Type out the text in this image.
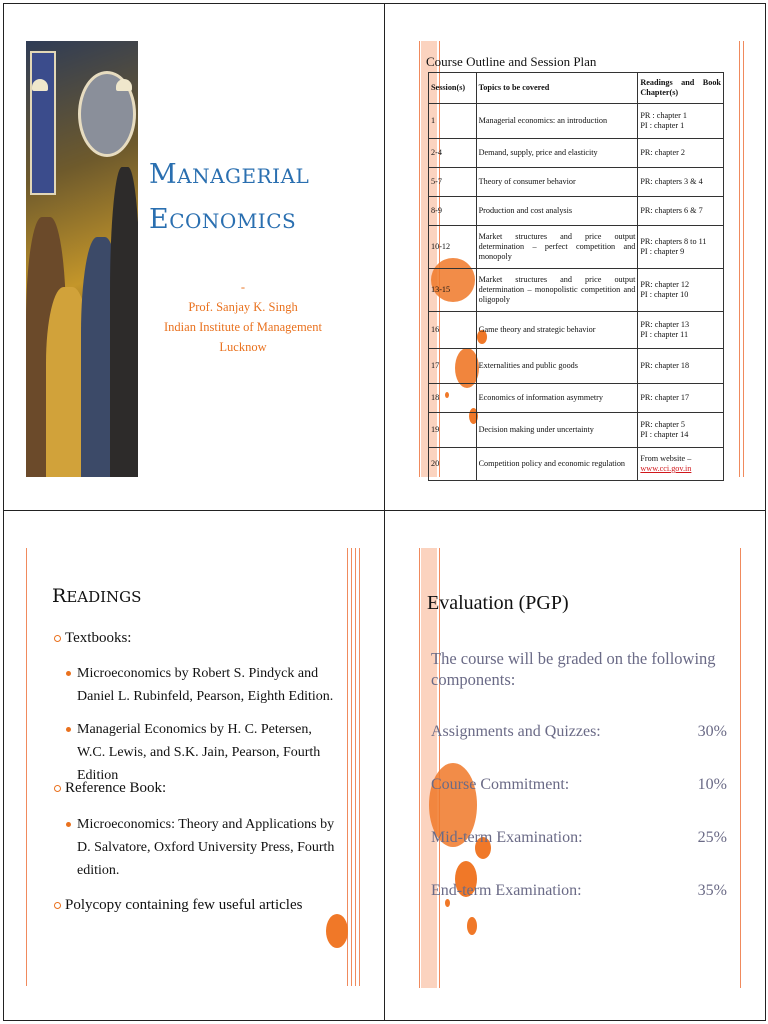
MANAGERIAL
ECONOMICS
-
Prof. Sanjay K. Singh
Indian Institute of Management Lucknow
Course Outline and Session Plan
Session(s)	Topics to be covered	Readings and Book Chapter(s)
1	Managerial economics: an introduction	PR : chapter 1
PI : chapter 1

2-4	Demand, supply, price and elasticity	PR: chapter 2

5-7	Theory of consumer behavior	PR: chapters 3 & 4

8-9	Production and cost analysis	PR: chapters 6 & 7

10-12	Market structures and price output determination – perfect competition and monopoly	PR: chapters 8 to 11
PI : chapter 9

13-15	Market structures and price output determination – monopolistic competition and oligopoly	PR: chapter 12
PI : chapter 10

16	Game theory and strategic behavior	PR: chapter 13
PI : chapter 11

17	Externalities and public goods	PR: chapter 18

18	Economics of information asymmetry	PR: chapter 17

19	Decision making under uncertainty	PR: chapter 5
PI : chapter 14

20	Competition policy and economic regulation	From website –
www.cci.gov.in
READINGS
Textbooks:
Microeconomics by Robert S. Pindyck and Daniel L. Rubinfeld, Pearson, Eighth Edition.
Managerial Economics by H. C. Petersen, W.C. Lewis, and S.K. Jain, Pearson, Fourth Edition
Reference Book:
Microeconomics: Theory and Applications by D. Salvatore, Oxford University Press, Fourth edition.
Polycopy containing few useful articles
Evaluation (PGP)
The course will be graded on the following components:
Assignments and Quizzes:	30%
Course Commitment:	10%
Mid-term Examination:	25%
End-term Examination:	35%
